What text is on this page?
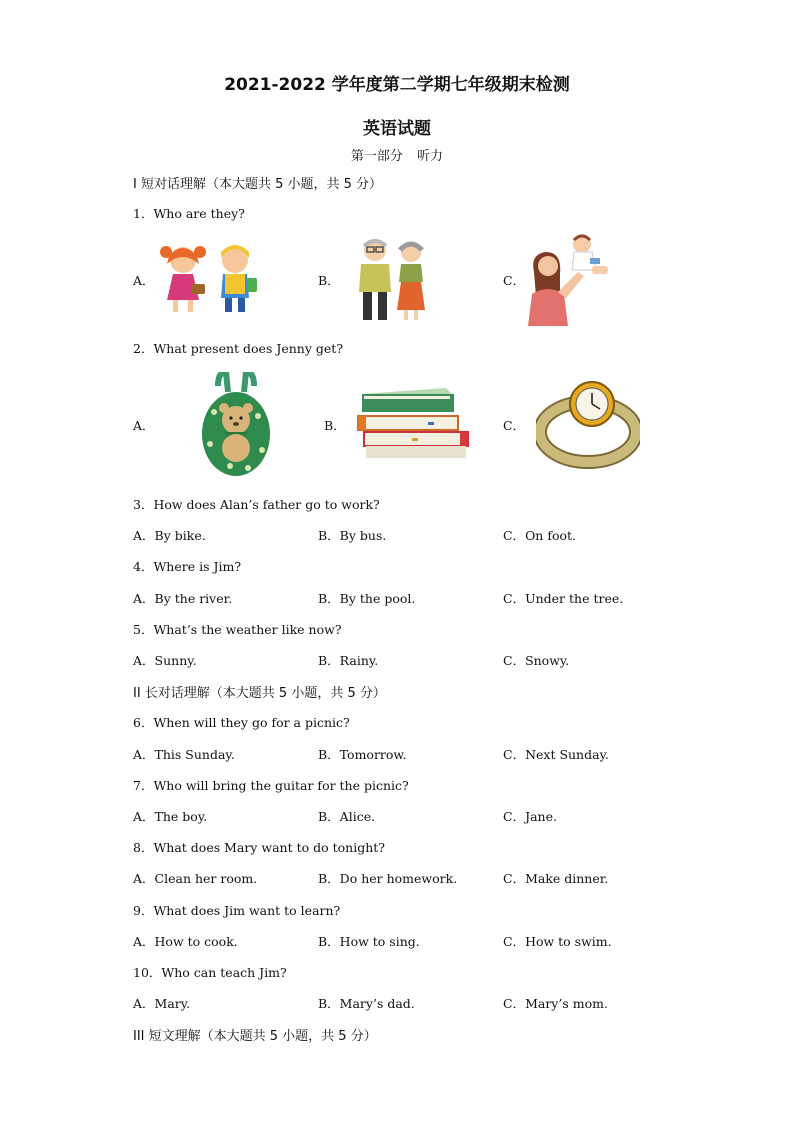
2021-2022 学年度第二学期七年级期末检测
英语试题
第一部分 听力
I 短对话理解（本大题共 5 小题，共 5 分）
1．Who are they?
A．	B．	C．
2．What present does Jenny get?
A．	B．	C．
3．How does Alan’s father go to work?
A．By bike.	B．By bus.	C．On foot.
4．Where is Jim?
A．By the river.	B．By the pool.	C．Under the tree.
5．What’s the weather like now?
A．Sunny.	B．Rainy.	C．Snowy.
II 长对话理解（本大题共 5 小题，共 5 分）
6．When will they go for a picnic?
A．This Sunday.	B．Tomorrow.	C．Next Sunday.
7．Who will bring the guitar for the picnic?
A．The boy.	B．Alice.	C．Jane.
8．What does Mary want to do tonight?
A．Clean her room.	B．Do her homework.	C．Make dinner.
9．What does Jim want to learn?
A．How to cook.	B．How to sing.	C．How to swim.
10．Who can teach Jim?
A．Mary.	B．Mary’s dad.	C．Mary’s mom.
III 短文理解（本大题共 5 小题，共 5 分）
